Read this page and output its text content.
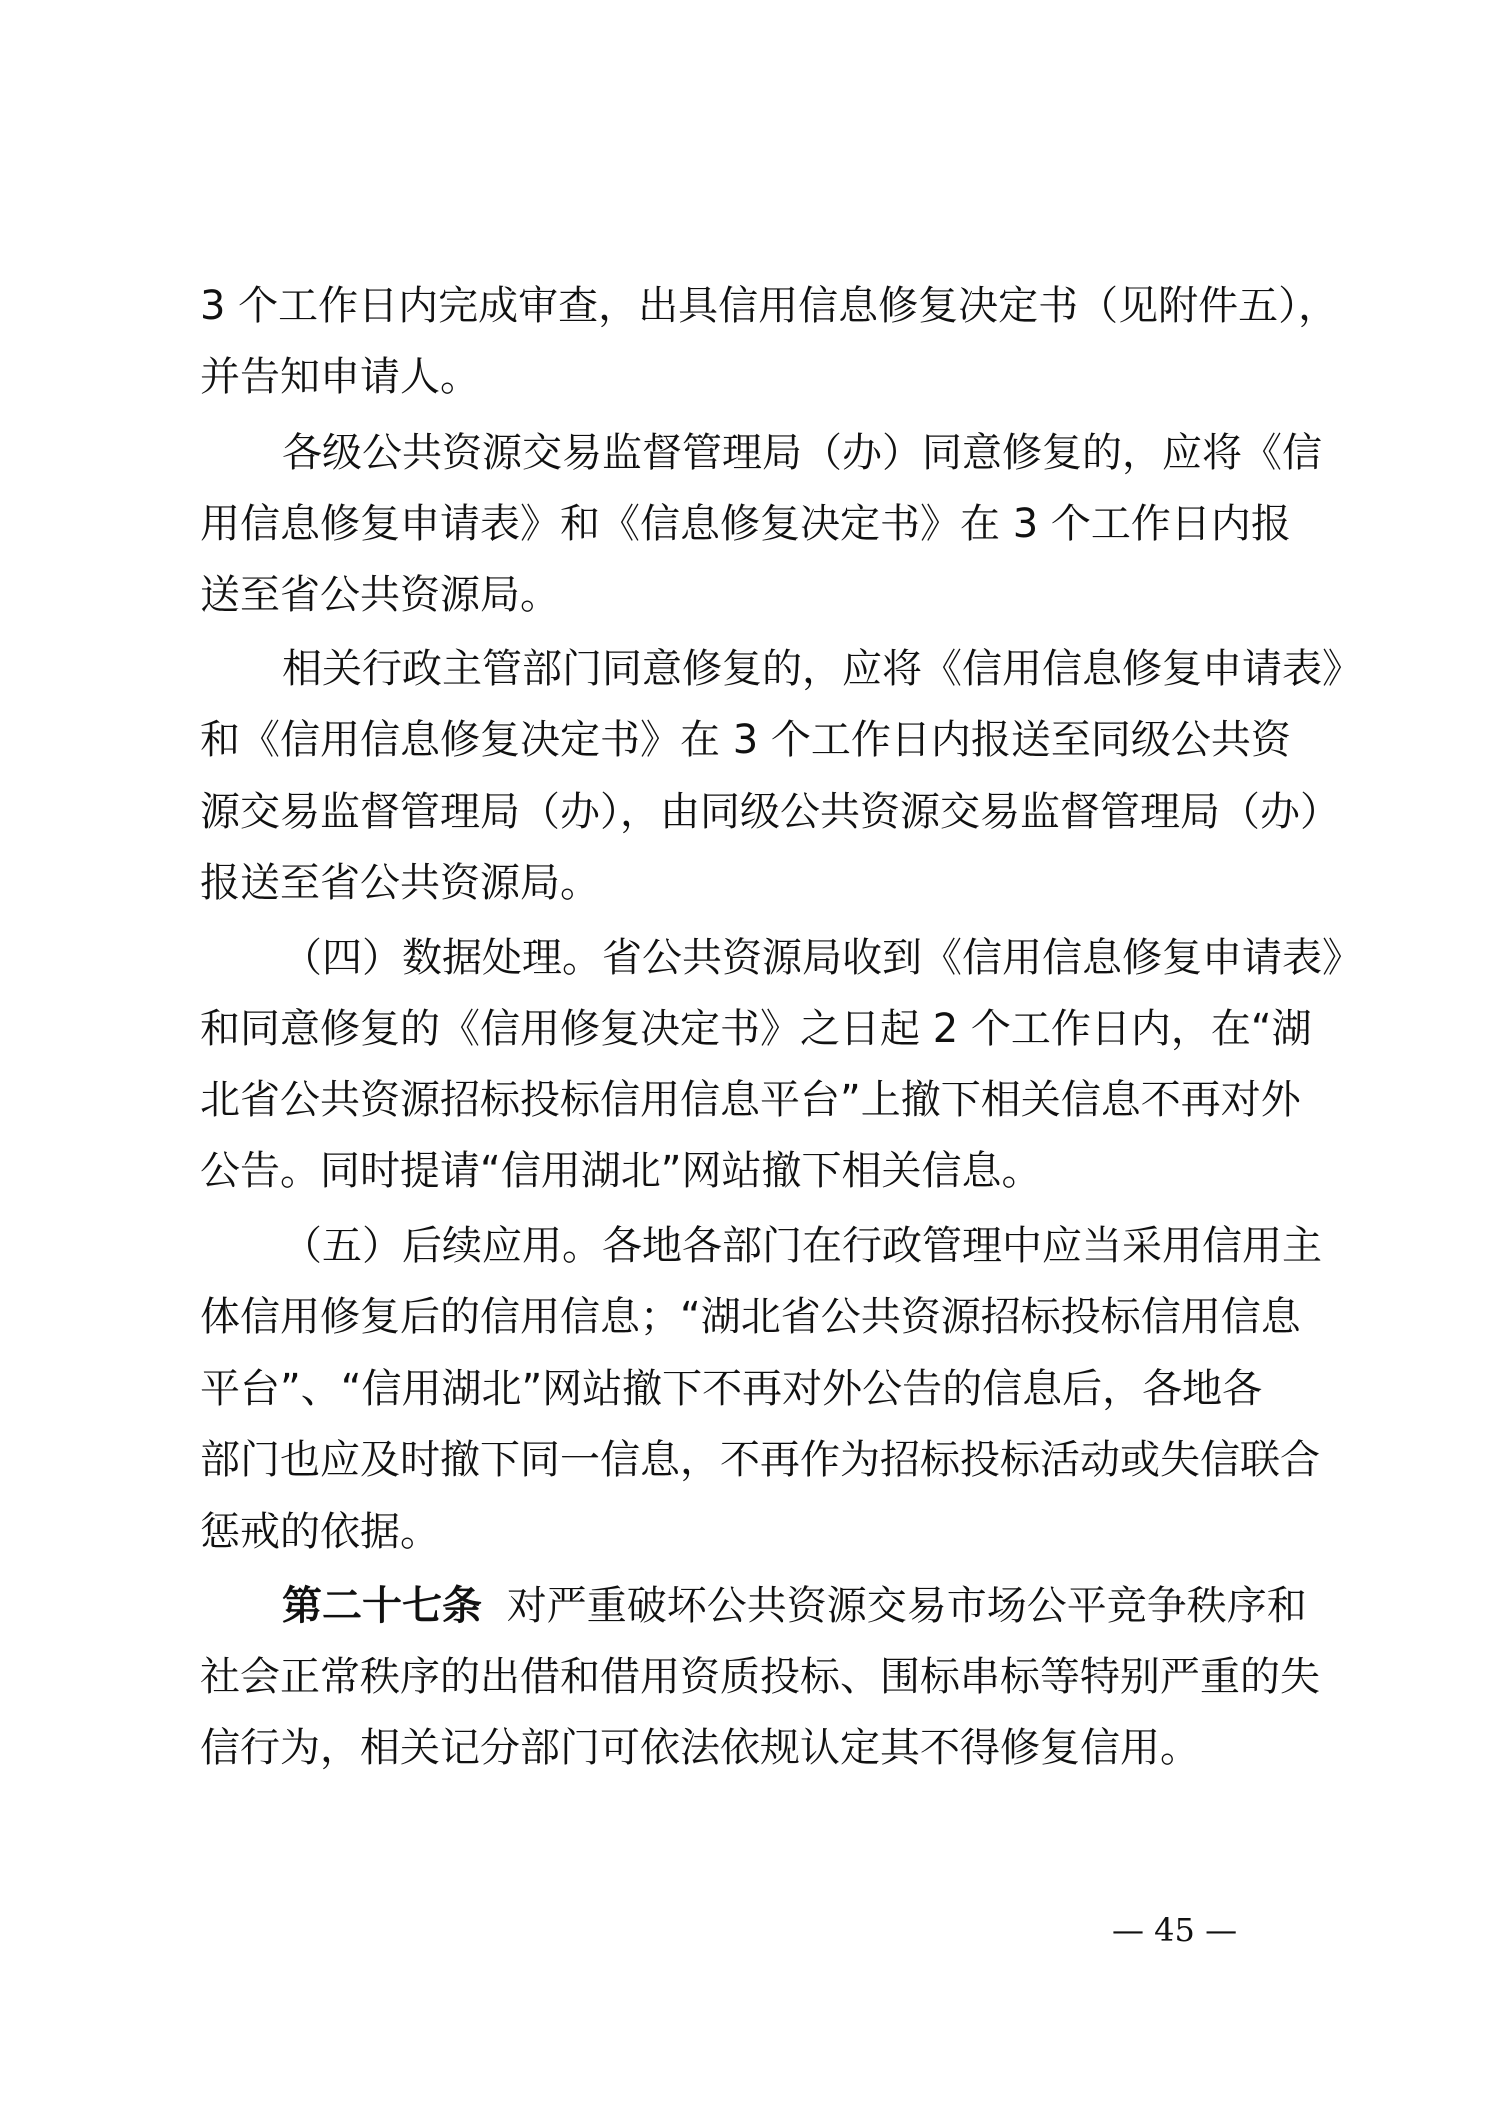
3 个工作日内完成审查，出具信用信息修复决定书（见附件五），
并告知申请人。
各级公共资源交易监督管理局（办）同意修复的，应将《信
用信息修复申请表》和《信息修复决定书》在 3 个工作日内报
送至省公共资源局。
相关行政主管部门同意修复的，应将《信用信息修复申请表》
和《信用信息修复决定书》在 3 个工作日内报送至同级公共资
源交易监督管理局（办），由同级公共资源交易监督管理局（办）
报送至省公共资源局。
（四）数据处理。省公共资源局收到《信用信息修复申请表》
和同意修复的《信用修复决定书》之日起 2 个工作日内，在“湖
北省公共资源招标投标信用信息平台”上撤下相关信息不再对外
公告。同时提请“信用湖北”网站撤下相关信息。
（五）后续应用。各地各部门在行政管理中应当采用信用主
体信用修复后的信用信息；“湖北省公共资源招标投标信用信息
平台”、“信用湖北”网站撤下不再对外公告的信息后，各地各
部门也应及时撤下同一信息，不再作为招标投标活动或失信联合
惩戒的依据。
第二十七条 对严重破坏公共资源交易市场公平竞争秩序和
社会正常秩序的出借和借用资质投标、围标串标等特别严重的失
信行为，相关记分部门可依法依规认定其不得修复信用。
— 45 —
